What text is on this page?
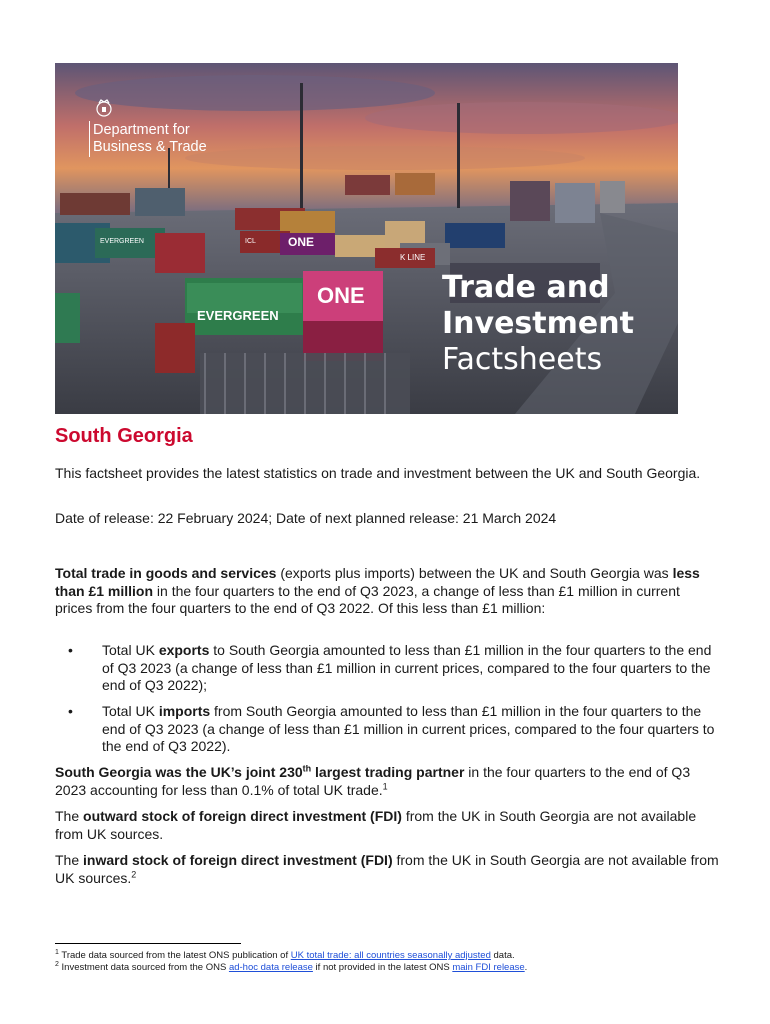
EVERGREEN
ONE
ONE
K LINE
ICL
EVERGREEN
Department for
Business & Trade
Trade and
Investment
Factsheets
South Georgia

This factsheet provides the latest statistics on trade and investment between the UK and South Georgia.

Date of release: 22 February 2024; Date of next planned release: 21 March 2024

Total trade in goods and services (exports plus imports) between the UK and South Georgia was less than £1 million in the four quarters to the end of Q3 2023, a change of less than £1 million in current prices from the four quarters to the end of Q3 2022. Of this less than £1 million:

• Total UK exports to South Georgia amounted to less than £1 million in the four quarters to the end of Q3 2023 (a change of less than £1 million in current prices, compared to the four quarters to the end of Q3 2022);
• Total UK imports from South Georgia amounted to less than £1 million in the four quarters to the end of Q3 2023 (a change of less than £1 million in current prices, compared to the four quarters to the end of Q3 2022).

South Georgia was the UK’s joint 230th largest trading partner in the four quarters to the end of Q3 2023 accounting for less than 0.1% of total UK trade.$^1$

The outward stock of foreign direct investment (FDI) from the UK in South Georgia are not available from UK sources.

The inward stock of foreign direct investment (FDI) from the UK in South Georgia are not available from UK sources.$^2$

$^1$ Trade data sourced from the latest ONS publication of UK total trade: all countries seasonally adjusted data.
$^2$ Investment data sourced from the ONS ad-hoc data release if not provided in the latest ONS main FDI release.
